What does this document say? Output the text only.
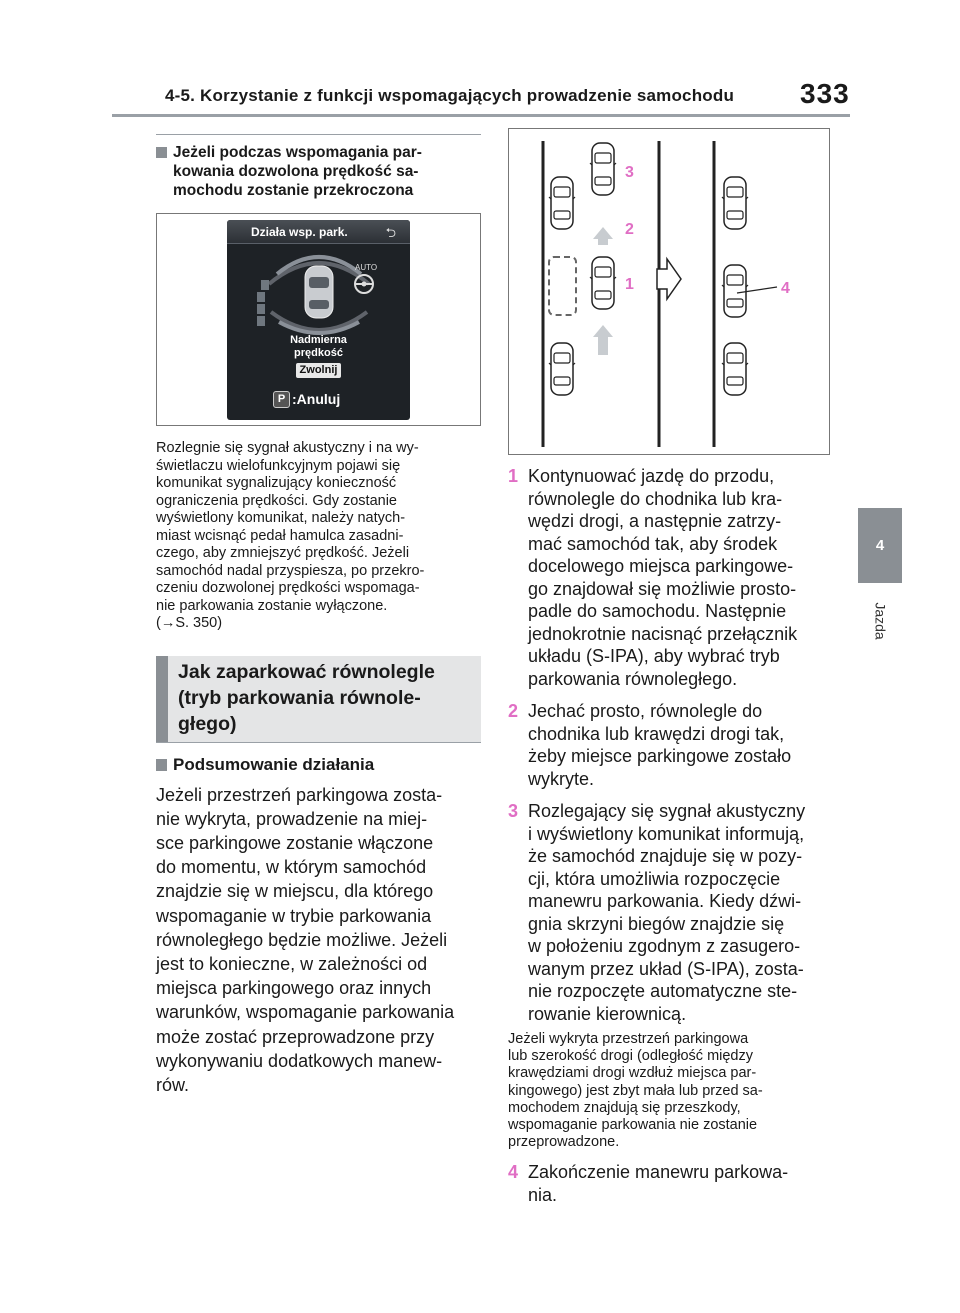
4-5. Korzystanie z funkcji wspomagających prowadzenie samochodu 333
4
Jazda
Jeżeli podczas wspomagania par-
kowania dozwolona prędkość sa-
mochodu zostanie przekroczona
Działa wsp. park.	⮌
AUTO
Nadmierna
prędkość
Zwolnij
P :Anuluj
Rozlegnie się sygnał akustyczny i na wy-
świetlaczu wielofunkcyjnym pojawi się
komunikat sygnalizujący konieczność
ograniczenia prędkości. Gdy zostanie
wyświetlony komunikat, należy natych-
miast wcisnąć pedał hamulca zasadni-
czego, aby zmniejszyć prędkość. Jeżeli
samochód nadal przyspiesza, po przekro-
czeniu dozwolonej prędkości wspomaga-
nie parkowania zostanie wyłączone.
(→S. 350)
Jak zaparkować równolegle
(tryb parkowania równole-
głego)
Podsumowanie działania
Jeżeli przestrzeń parkingowa zosta-
nie wykryta, prowadzenie na miej-
sce parkingowe zostanie włączone
do momentu, w którym samochód
znajdzie się w miejscu, dla którego
wspomaganie w trybie parkowania
równoległego będzie możliwe. Jeżeli
jest to konieczne, w zależności od
miejsca parkingowego oraz innych
warunków, wspomaganie parkowania
może zostać przeprowadzone przy
wykonywaniu dodatkowych manew-
rów.
3
2
1	4
1 Kontynuować jazdę do przodu,
równolegle do chodnika lub kra-
wędzi drogi, a następnie zatrzy-
mać samochód tak, aby środek
docelowego miejsca parkingowe-
go znajdował się możliwie prosto-
padle do samochodu. Następnie
jednokrotnie nacisnąć przełącznik
układu (S-IPA), aby wybrać tryb
parkowania równoległego.
2 Jechać prosto, równolegle do
chodnika lub krawędzi drogi tak,
żeby miejsce parkingowe zostało
wykryte.
3 Rozlegający się sygnał akustyczny
i wyświetlony komunikat informują,
że samochód znajduje się w pozy-
cji, która umożliwia rozpoczęcie
manewru parkowania. Kiedy dźwi-
gnia skrzyni biegów znajdzie się
w położeniu zgodnym z zasugero-
wanym przez układ (S-IPA), zosta-
nie rozpoczęte automatyczne ste-
rowanie kierownicą.
Jeżeli wykryta przestrzeń parkingowa
lub szerokość drogi (odległość między
krawędziami drogi wzdłuż miejsca par-
kingowego) jest zbyt mała lub przed sa-
mochodem znajdują się przeszkody,
wspomaganie parkowania nie zostanie
przeprowadzone.
4 Zakończenie manewru parkowa-
nia.
